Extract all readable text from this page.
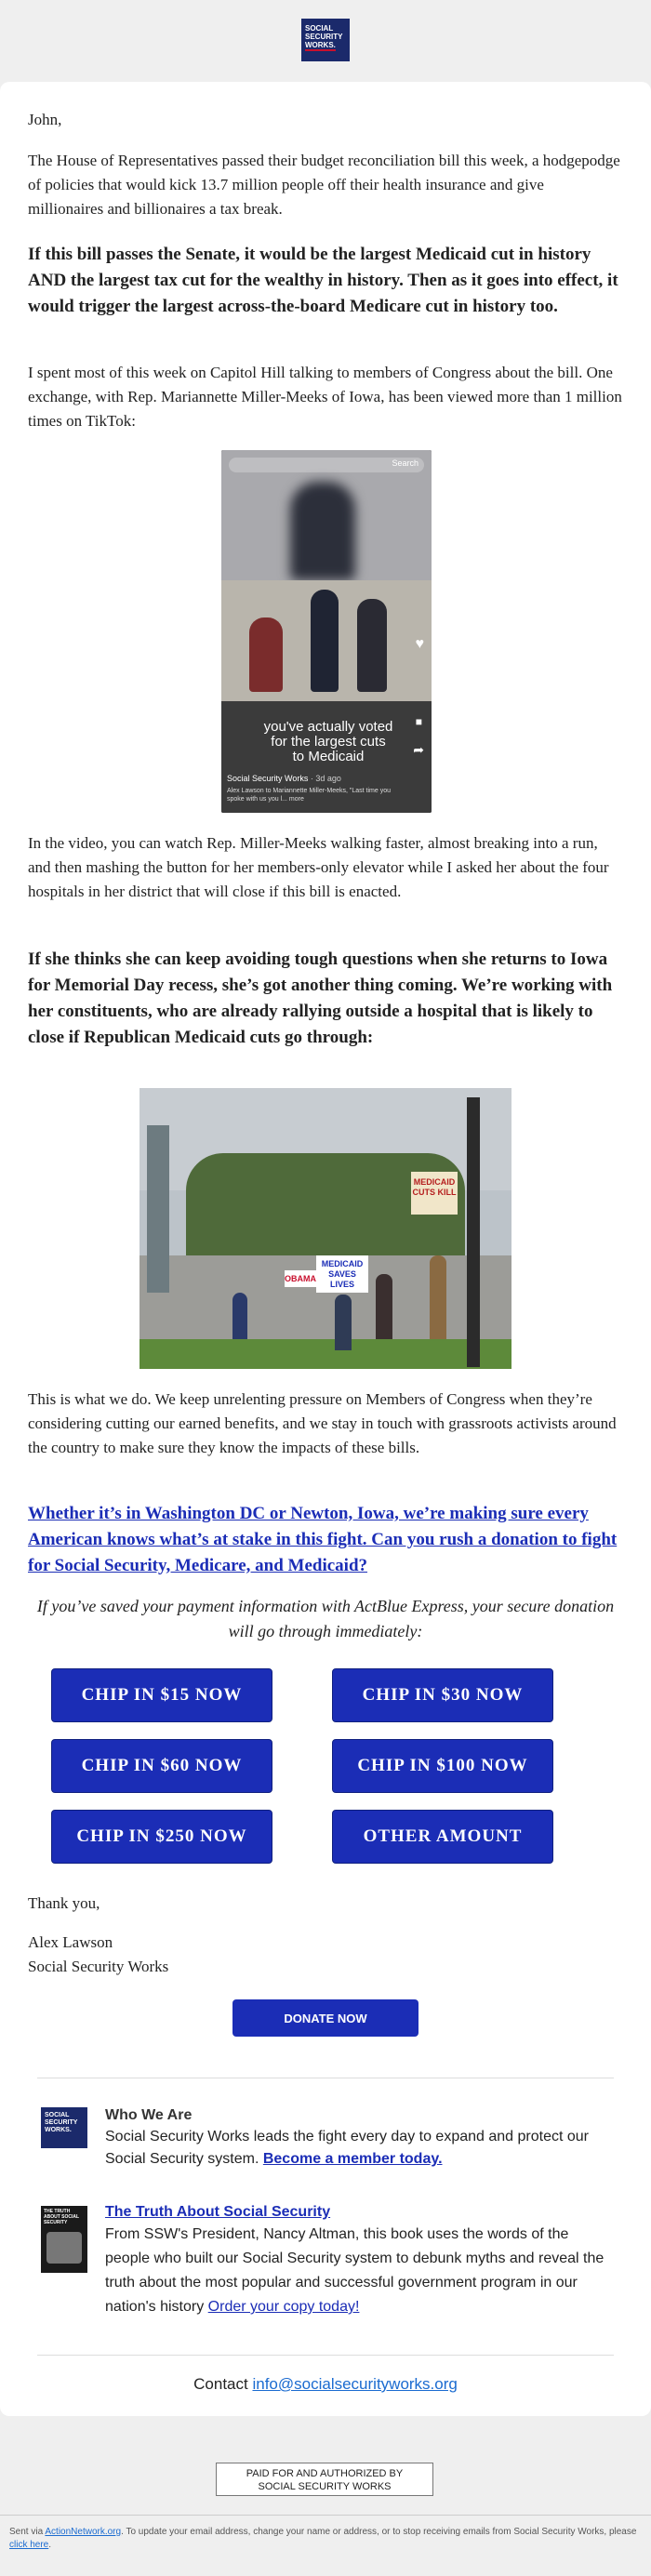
SOCIAL
SECURITY
WORKS.

John,

The House of Representatives passed their budget reconciliation bill this week, a hodgepodge of policies that would kick 13.7 million people off their health insurance and give millionaires and billionaires a tax break.

If this bill passes the Senate, it would be the largest Medicaid cut in history AND the largest tax cut for the wealthy in history. Then as it goes into effect, it would trigger the largest across-the-board Medicare cut in history too.

I spent most of this week on Capitol Hill talking to members of Congress about the bill. One exchange, with Rep. Mariannette Miller-Meeks of Iowa, has been viewed more than 1 million times on TikTok:

Search
you've actually voted
for the largest cuts
to Medicaid
Social Security Works · 3d ago
Alex Lawson to Mariannette Miller-Meeks, "Last time you spoke with us you l... more
♥
■
➦

In the video, you can watch Rep. Miller-Meeks walking faster, almost breaking into a run, and then mashing the button for her members-only elevator while I asked her about the four hospitals in her district that will close if this bill is enacted.

If she thinks she can keep avoiding tough questions when she returns to Iowa for Memorial Day recess, she’s got another thing coming. We’re working with her constituents, who are already rallying outside a hospital that is likely to close if Republican Medicaid cuts go through:

MEDICAID SAVES LIVES
MEDICAID CUTS KILL
OBAMA

This is what we do. We keep unrelenting pressure on Members of Congress when they’re considering cutting our earned benefits, and we stay in touch with grassroots activists around the country to make sure they know the impacts of these bills.

Whether it’s in Washington DC or Newton, Iowa, we’re making sure every American knows what’s at stake in this fight. Can you rush a donation to fight for Social Security, Medicare, and Medicaid?

If you’ve saved your payment information with ActBlue Express, your secure donation will go through immediately:

CHIP IN $15 NOW	CHIP IN $30 NOW
CHIP IN $60 NOW	CHIP IN $100 NOW
CHIP IN $250 NOW	OTHER AMOUNT

Thank you,

Alex Lawson

Social Security Works

DONATE NOW
SOCIAL
SECURITY
WORKS.
Who We Are
Social Security Works leads the fight every day to expand and protect our Social Security system. Become a member today.
THE TRUTH
ABOUT SOCIAL
SECURITY
The Truth About Social Security
From SSW's President, Nancy Altman, this book uses the words of the people who built our Social Security system to debunk myths and reveal the truth about the most popular and successful government program in our nation's history Order your copy today!
Contact info@socialsecurityworks.org
PAID FOR AND AUTHORIZED BY
SOCIAL SECURITY WORKS
Sent via ActionNetwork.org. To update your email address, change your name or address, or to stop receiving emails from Social Security Works, please click here.
